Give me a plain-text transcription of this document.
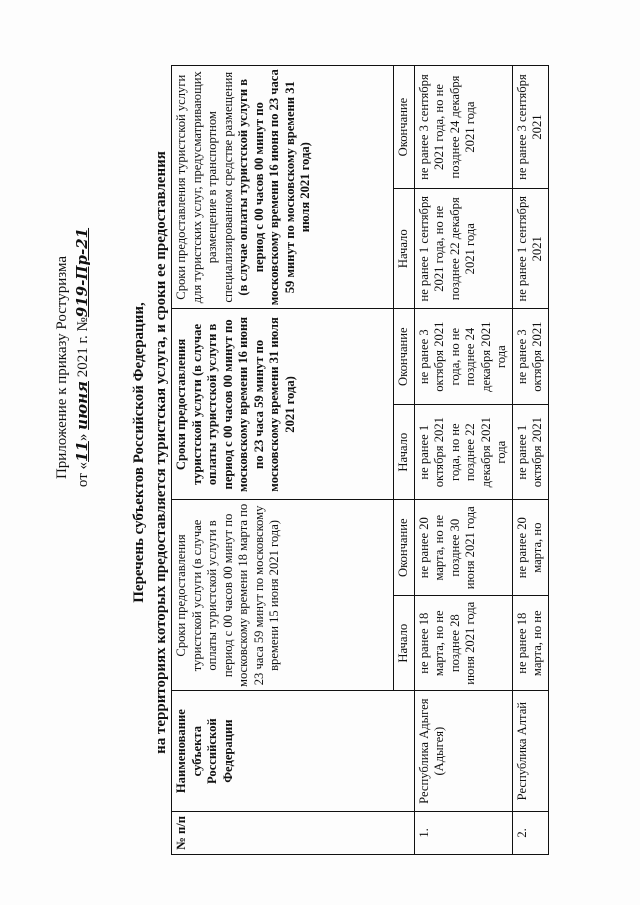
Приложение к приказу Ростуризма от «11» июня 2021 г. №919-Пр-21
Перечень субъектов Российской Федерации, на территориях которых предоставляется туристская услуга, и сроки ее предоставления
№ п/п	Наименование субъекта Российской Федерации	Сроки предоставления туристской услуги (в случае оплаты туристской услуги в период с 00 часов 00 минут по московскому времени 18 марта по 23 часа 59 минут по московскому времени 15 июня 2021 года)		Сроки предоставления туристской услуги (в случае оплаты туристской услуги в период с 00 часов 00 минут по московскому времени 16 июня по 23 часа 59 минут по московскому времени 31 июля 2021 года)		Сроки предоставления туристской услуги для туристских услуг, предусматривающих размещение в транспортном специализированном средстве размещения (в случае оплаты туристской услуги в период с 00 часов 00 минут по московскому времени 16 июня по 23 часа 59 минут по московскому времени 31 июля 2021 года)	

		Начало	Окончание	Начало	Окончание	Начало	Окончание
1.	Республика Адыгея (Адыгея)	не ранее 18 марта, но не позднее 28 июня 2021 года	не ранее 20 марта, но не позднее 30 июня 2021 года	не ранее 1 октября 2021 года, но не позднее 22 декабря 2021 года	не ранее 3 октября 2021 года, но не позднее 24 декабря 2021 года	не ранее 1 сентября 2021 года, но не позднее 22 декабря 2021 года	не ранее 3 сентября 2021 года, но не позднее 24 декабря 2021 года
2.	Республика Алтай	не ранее 18 марта, но не	не ранее 20 марта, но	не ранее 1 октября 2021	не ранее 3 октября 2021	не ранее 1 сентября 2021	не ранее 3 сентября 2021
